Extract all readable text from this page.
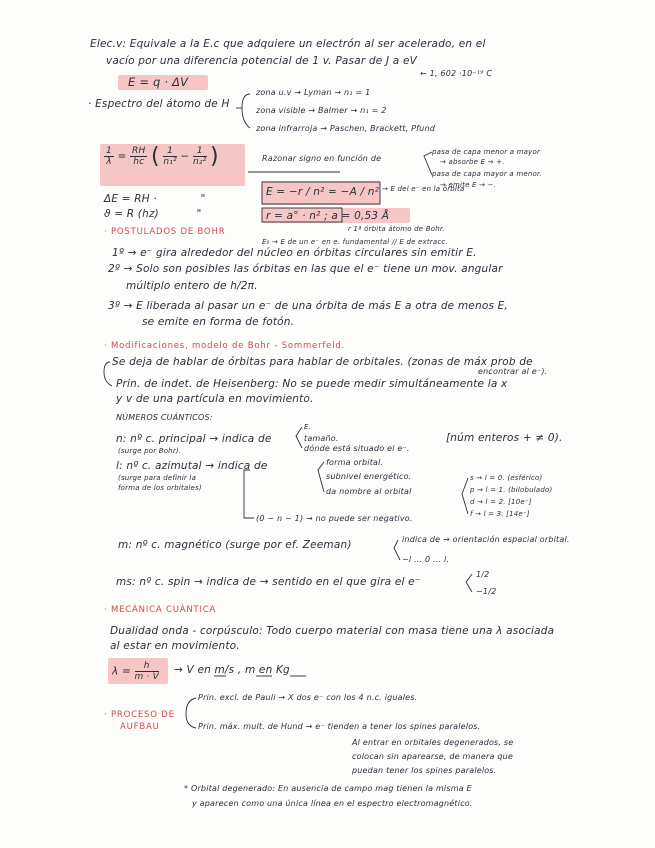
Elec.v: Equivale a la E.c que adquiere un electrón al ser acelerado, en el
vacío por una diferencia potencial de 1 v. Pasar de J a eV
← 1, 602 ·10⁻¹⁹ C
E = q · ΔV
· Espectro del átomo de H
zona u.v → Lyman → n₁ = 1
zona visible → Balmer → n₁ = 2
zona infrarroja → Paschen, Brackett, Pfund
$\frac{1}{\lambda} = \frac{RH}{hc}$ ( $\frac{1}{\text{n₁²}} - \frac{1}{\text{n₂²}}$ )
ΔE = RH ·	"
ϑ = R (hz)	"
Razonar signo en función de
pasa de capa menor a mayor
→ absorbe E → +.
pasa de capa mayor a menor.
→ emite E → −.
E = −r / n² = −A / n² → E del e⁻ en la órbita
r = a° · n² ; a = 0,53 Å
r 1ª órbita átomo de Bohr.
E₀ → E de un e⁻ en e. fundamental // E de extracc.
· POSTULADOS DE BOHR
1º → e⁻ gira alrededor del núcleo en órbitas circulares sin emitir E.
2º → Solo son posibles las órbitas en las que el e⁻ tiene un mov. angular
múltiplo entero de h/2π.
3º → E liberada al pasar un e⁻ de una órbita de más E a otra de menos E,
se emite en forma de fotón.
· Modificaciones, modelo de Bohr - Sommerfeld.
Se deja de hablar de órbitas para hablar de orbitales. (zonas de máx prob de
encontrar al e⁻).
Prin. de indet. de Heisenberg: No se puede medir simultáneamente la x
y v de una partícula en movimiento.
NÚMEROS CUÁNTICOS:
n: nº c. principal → indica de
(surge por Bohr).
E.
tamaño.
dónde está situado el e⁻.
[núm enteros + ≠ 0).
l: nº c. azimutal → indica de
(surge para definir la
forma de los orbitales)
forma orbital.
subnivel energético.
da nombre al orbital
s → l = 0. (esférico)
p → l = 1. (bilobulado)
d → l = 2. [10e⁻]
f → l = 3. [14e⁻]
(0 − n − 1) → no puede ser negativo.
m: nº c. magnético (surge por ef. Zeeman)	indica de → orientación espacial orbital.
−l ... 0 ... l.
ms: nº c. spin → indica de → sentido en el que gira el e⁻
1/2
−1/2
· MECÁNICA CUÁNTICA
Dualidad onda - corpúsculo: Todo cuerpo material con masa tiene una λ asociada
al estar en movimiento.
$\lambda = \frac{h}{m \cdot V} \to V$ en m/s , m en Kg
· PROCESO DE
AUFBAU
Prin. excl. de Pauli → X dos e⁻ con los 4 n.c. iguales.
Prin. máx. mult. de Hund → e⁻ tienden a tener los spines paralelos.
Al entrar en orbitales degenerados, se
colocan sin aparearse, de manera que
puedan tener los spines paralelos.
* Orbital degenerado: En ausencia de campo mag tienen la misma E
y aparecen como una única línea en el espectro electromagnético.
